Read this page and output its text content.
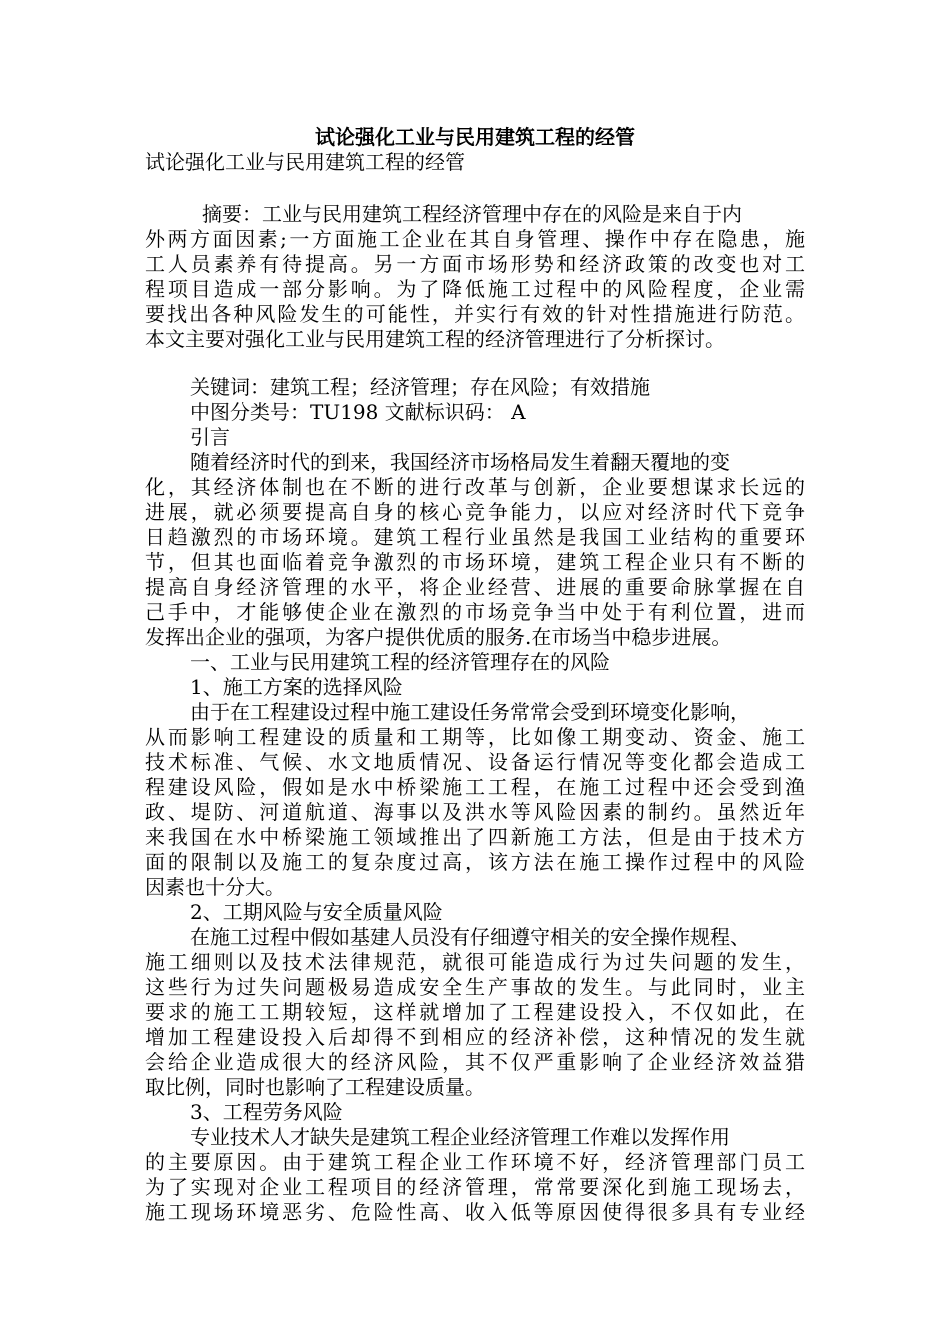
试论强化工业与民用建筑工程的经管
试论强化工业与民用建筑工程的经管
摘要：工业与民用建筑工程经济管理中存在的风险是来自于内
外两方面因素;一方面施工企业在其自身管理、操作中存在隐患，施
工人员素养有待提高。另一方面市场形势和经济政策的改变也对工
程项目造成一部分影响。为了降低施工过程中的风险程度，企业需
要找出各种风险发生的可能性，并实行有效的针对性措施进行防范。
本文主要对强化工业与民用建筑工程的经济管理进行了分析探讨。
关键词：建筑工程；经济管理；存在风险；有效措施
中图分类号：TU198 文献标识码： A
引言
随着经济时代的到来，我国经济市场格局发生着翻天覆地的变
化，其经济体制也在不断的进行改革与创新，企业要想谋求长远的
进展，就必须要提高自身的核心竞争能力，以应对经济时代下竞争
日趋激烈的市场环境。建筑工程行业虽然是我国工业结构的重要环
节，但其也面临着竞争激烈的市场环境，建筑工程企业只有不断的
提高自身经济管理的水平，将企业经营、进展的重要命脉掌握在自
己手中，才能够使企业在激烈的市场竞争当中处于有利位置，进而
发挥出企业的强项，为客户提供优质的服务.在市场当中稳步进展。
一、工业与民用建筑工程的经济管理存在的风险
1、施工方案的选择风险
由于在工程建设过程中施工建设任务常常会受到环境变化影响，
从而影响工程建设的质量和工期等，比如像工期变动、资金、施工
技术标准、气候、水文地质情况、设备运行情况等变化都会造成工
程建设风险，假如是水中桥梁施工工程，在施工过程中还会受到渔
政、堤防、河道航道、海事以及洪水等风险因素的制约。虽然近年
来我国在水中桥梁施工领域推出了四新施工方法，但是由于技术方
面的限制以及施工的复杂度过高，该方法在施工操作过程中的风险
因素也十分大。
2、工期风险与安全质量风险
在施工过程中假如基建人员没有仔细遵守相关的安全操作规程、
施工细则以及技术法律规范，就很可能造成行为过失问题的发生，
这些行为过失问题极易造成安全生产事故的发生。与此同时，业主
要求的施工工期较短，这样就增加了工程建设投入，不仅如此，在
增加工程建设投入后却得不到相应的经济补偿，这种情况的发生就
会给企业造成很大的经济风险，其不仅严重影响了企业经济效益猎
取比例，同时也影响了工程建设质量。
3、工程劳务风险
专业技术人才缺失是建筑工程企业经济管理工作难以发挥作用
的主要原因。由于建筑工程企业工作环境不好，经济管理部门员工
为了实现对企业工程项目的经济管理，常常要深化到施工现场去，
施工现场环境恶劣、危险性高、收入低等原因使得很多具有专业经
